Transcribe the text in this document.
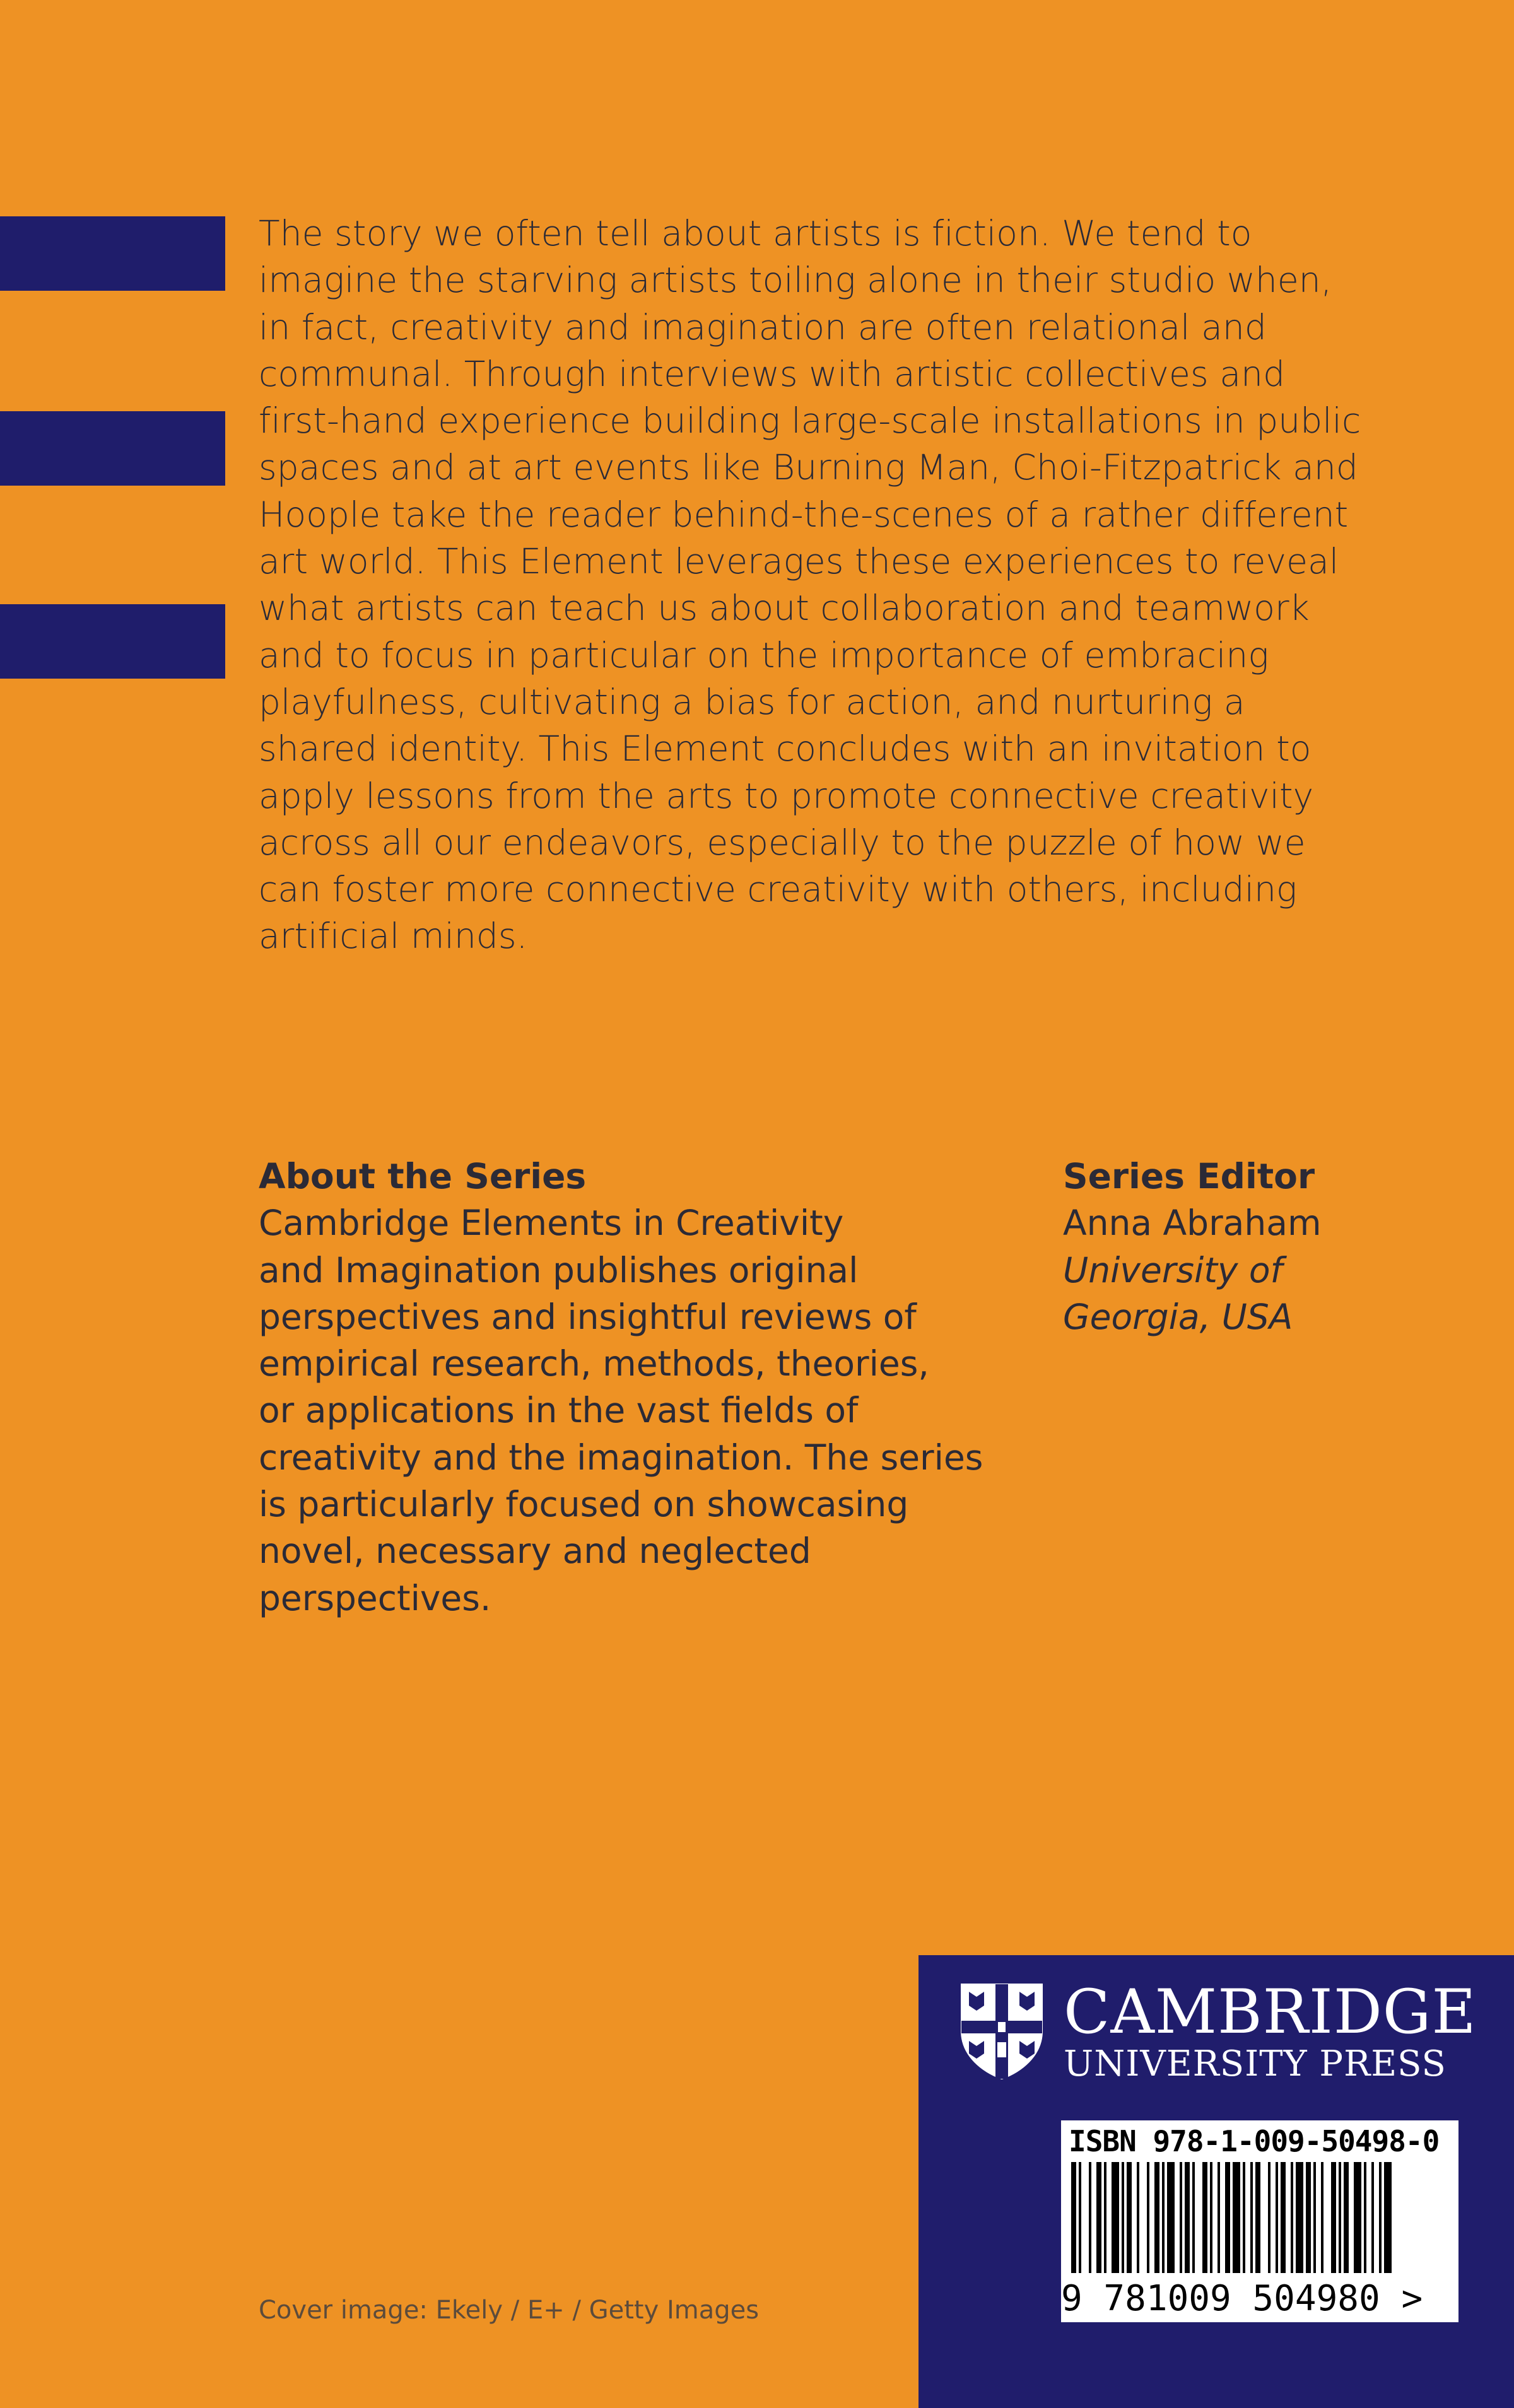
The story we often tell about artists is fiction. We tend to
imagine the starving artists toiling alone in their studio when,
in fact, creativity and imagination are often relational and
communal. Through interviews with artistic collectives and
first-hand experience building large-scale installations in public
spaces and at art events like Burning Man, Choi-Fitzpatrick and
Hoople take the reader behind-the-scenes of a rather different
art world. This Element leverages these experiences to reveal
what artists can teach us about collaboration and teamwork
and to focus in particular on the importance of embracing
playfulness, cultivating a bias for action, and nurturing a
shared identity. This Element concludes with an invitation to
apply lessons from the arts to promote connective creativity
across all our endeavors, especially to the puzzle of how we
can foster more connective creativity with others, including
artificial minds.
About the Series
Cambridge Elements in Creativity
and Imagination publishes original
perspectives and insightful reviews of
empirical research, methods, theories,
or applications in the vast fields of
creativity and the imagination. The series
is particularly focused on showcasing
novel, necessary and neglected
perspectives.
Series Editor
Anna Abraham
University of
Georgia, USA
Cover image: Ekely / E+ / Getty Images
CAMBRIDGE
UNIVERSITY PRESS
ISBN 978-1-009-50498-0
9 781009 504980 >
